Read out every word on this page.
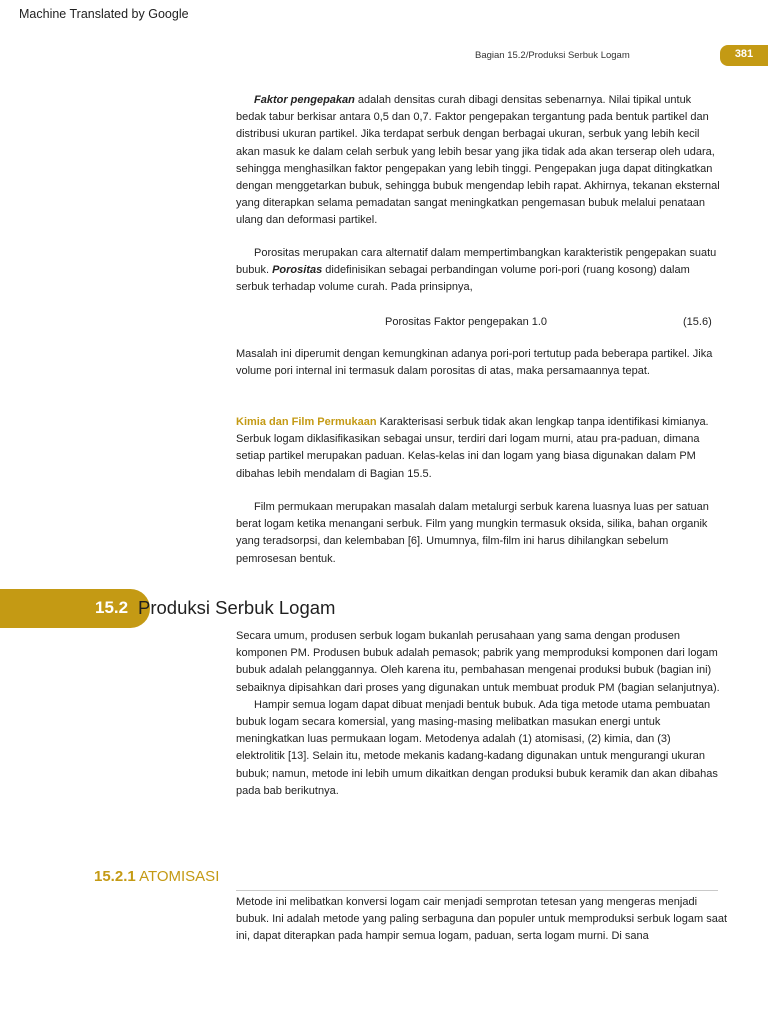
Machine Translated by Google
Bagian 15.2/Produksi Serbuk Logam	381

Faktor pengepakan adalah densitas curah dibagi densitas sebenarnya. Nilai tipikal untuk bedak tabur berkisar antara 0,5 dan 0,7. Faktor pengepakan tergantung pada bentuk partikel dan distribusi ukuran partikel. Jika terdapat serbuk dengan berbagai ukuran, serbuk yang lebih kecil akan masuk ke dalam celah serbuk yang lebih besar yang jika tidak ada akan terserap oleh udara, sehingga menghasilkan faktor pengepakan yang lebih tinggi. Pengepakan juga dapat ditingkatkan dengan menggetarkan bubuk, sehingga bubuk mengendap lebih rapat. Akhirnya, tekanan eksternal yang diterapkan selama pemadatan sangat meningkatkan pengemasan bubuk melalui penataan ulang dan deformasi partikel.

Porositas merupakan cara alternatif dalam mempertimbangkan karakteristik pengepakan suatu bubuk. Porositas didefinisikan sebagai perbandingan volume pori-pori (ruang kosong) dalam serbuk terhadap volume curah. Pada prinsipnya,

Porositas Faktor pengepakan 1.0	(15.6)

Masalah ini diperumit dengan kemungkinan adanya pori-pori tertutup pada beberapa partikel. Jika volume pori internal ini termasuk dalam porositas di atas, maka persamaannya tepat.

Kimia dan Film Permukaan Karakterisasi serbuk tidak akan lengkap tanpa identifikasi kimianya. Serbuk logam diklasifikasikan sebagai unsur, terdiri dari logam murni, atau pra-paduan, dimana setiap partikel merupakan paduan. Kelas-kelas ini dan logam yang biasa digunakan dalam PM dibahas lebih mendalam di Bagian 15.5.

Film permukaan merupakan masalah dalam metalurgi serbuk karena luasnya luas per satuan berat logam ketika menangani serbuk. Film yang mungkin termasuk oksida, silika, bahan organik yang teradsorpsi, dan kelembaban [6]. Umumnya, film-film ini harus dihilangkan sebelum pemrosesan bentuk.

15.2 Produksi Serbuk Logam

Secara umum, produsen serbuk logam bukanlah perusahaan yang sama dengan produsen komponen PM. Produsen bubuk adalah pemasok; pabrik yang memproduksi komponen dari logam bubuk adalah pelanggannya. Oleh karena itu, pembahasan mengenai produksi bubuk (bagian ini) sebaiknya dipisahkan dari proses yang digunakan untuk membuat produk PM (bagian selanjutnya).

Hampir semua logam dapat dibuat menjadi bentuk bubuk. Ada tiga metode utama pembuatan bubuk logam secara komersial, yang masing-masing melibatkan masukan energi untuk meningkatkan luas permukaan logam. Metodenya adalah (1) atomisasi, (2) kimia, dan (3) elektrolitik [13]. Selain itu, metode mekanis kadang-kadang digunakan untuk mengurangi ukuran bubuk; namun, metode ini lebih umum dikaitkan dengan produksi bubuk keramik dan akan dibahas pada bab berikutnya.

15.2.1 ATOMISASI

Metode ini melibatkan konversi logam cair menjadi semprotan tetesan yang mengeras menjadi bubuk. Ini adalah metode yang paling serbaguna dan populer untuk memproduksi serbuk logam saat ini, dapat diterapkan pada hampir semua logam, paduan, serta logam murni. Di sana
